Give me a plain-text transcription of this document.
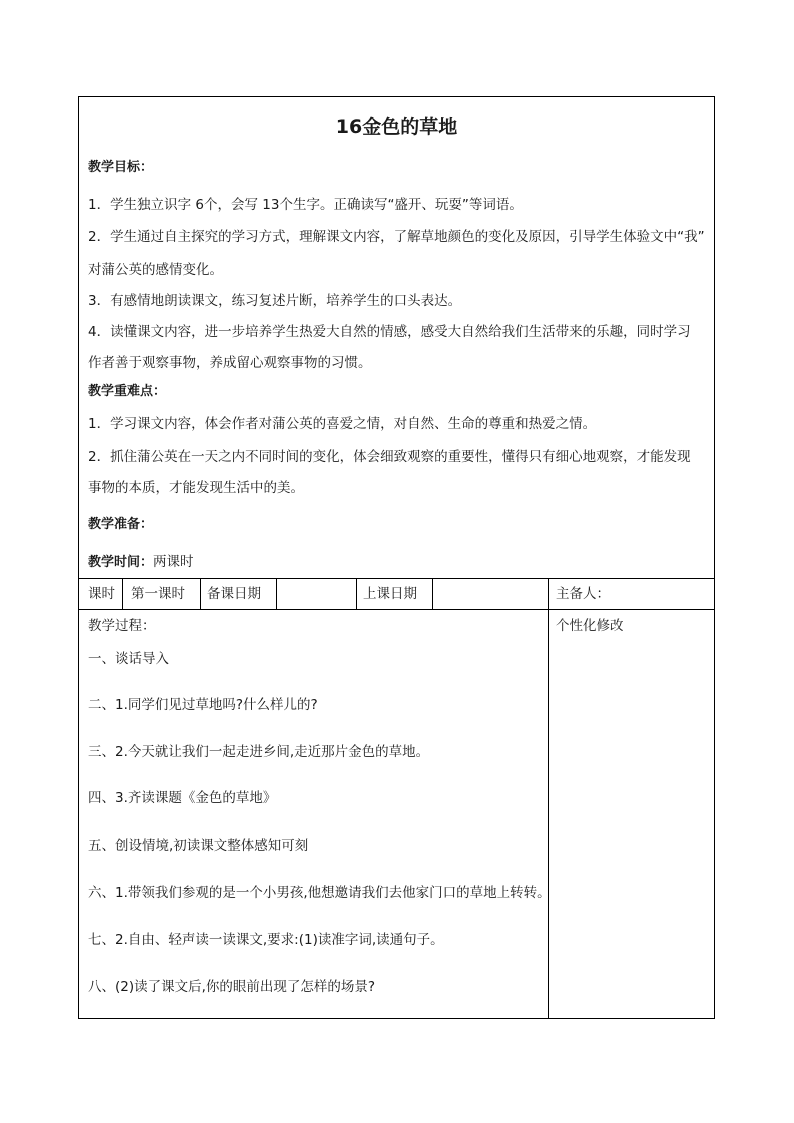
16金色的草地
教学目标：
1．学生独立识字 6个，会写 13个生字。正确读写“盛开、玩耍”等词语。
2．学生通过自主探究的学习方式，理解课文内容，了解草地颜色的变化及原因，引导学生体验文中“我”
对蒲公英的感情变化。
3．有感情地朗读课文，练习复述片断，培养学生的口头表达。
4．读懂课文内容，进一步培养学生热爱大自然的情感，感受大自然给我们生活带来的乐趣，同时学习
作者善于观察事物，养成留心观察事物的习惯。
教学重难点：
1．学习课文内容，体会作者对蒲公英的喜爱之情，对自然、生命的尊重和热爱之情。
2．抓住蒲公英在一天之内不同时间的变化，体会细致观察的重要性，懂得只有细心地观察，才能发现
事物的本质，才能发现生活中的美。
教学准备：
教学时间：两课时
课时 第一课时 备课日期	上课日期	主备人：
教学过程：	个性化修改
一、谈话导入
二、1.同学们见过草地吗?什么样儿的?
三、2.今天就让我们一起走进乡间,走近那片金色的草地。
四、3.齐读课题《金色的草地》
五、创设情境,初读课文整体感知可刻
六、1.带领我们参观的是一个小男孩,他想邀请我们去他家门口的草地上转转。
七、2.自由、轻声读一读课文,要求:(1)读准字词,读通句子。
八、(2)读了课文后,你的眼前出现了怎样的场景?
